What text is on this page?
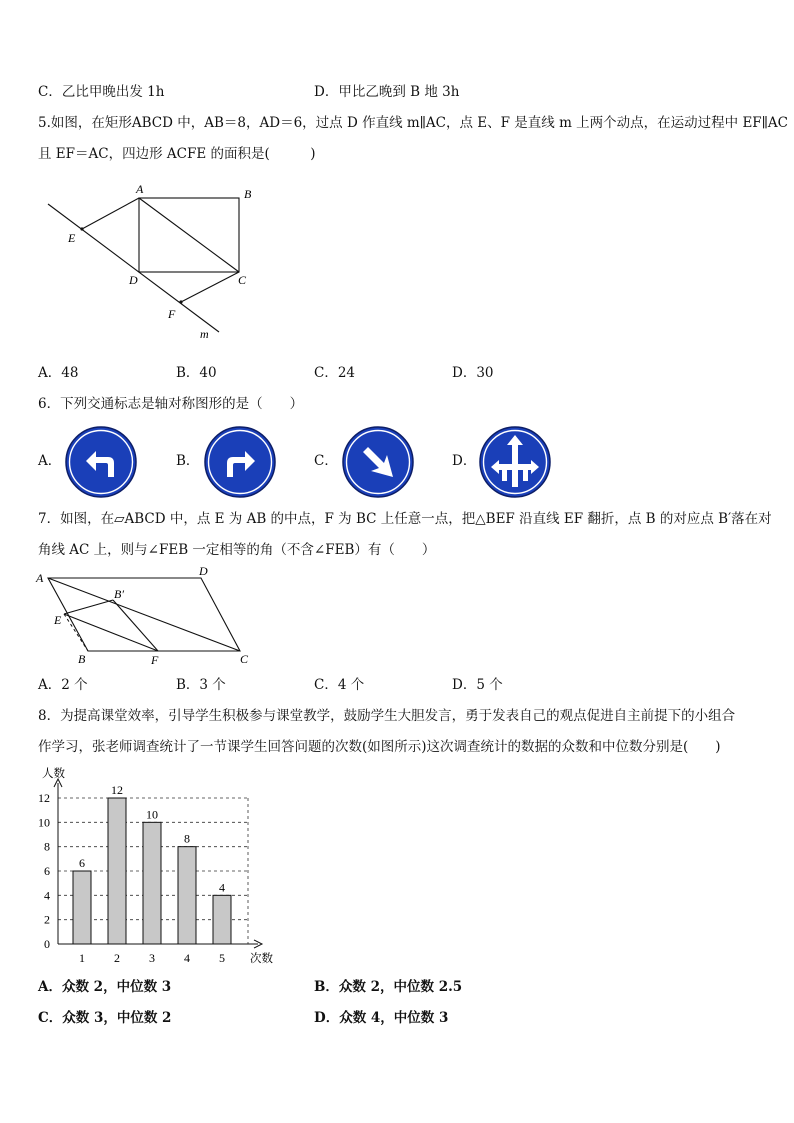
C．乙比甲晚出发 1h	D．甲比乙晚到 B 地 3h
5.如图，在矩形ABCD 中，AB＝8，AD＝6，过点 D 作直线 m∥AC，点 E、F 是直线 m 上两个动点，在运动过程中 EF∥AC
且 EF＝AC，四边形 ACFE 的面积是(　　　)
A	B
C
D
E
F
m
A．48	B．40	C．24	D．30
6．下列交通标志是轴对称图形的是（　　）
A．	B．	C．	D．
7．如图，在▱ABCD 中，点 E 为 AB 的中点，F 为 BC 上任意一点，把△BEF 沿直线 EF 翻折，点 B 的对应点 B′落在对
角线 AC 上，则与∠FEB 一定相等的角（不含∠FEB）有（　　）
A	D
B′
E
B	F	C
A．2 个	B．3 个	C．4 个	D．5 个
8．为提高课堂效率，引导学生积极参与课堂教学，鼓励学生大胆发言，勇于发表自己的观点促进自主前提下的小组合
作学习，张老师调查统计了一节课学生回答问题的次数(如图所示)这次调查统计的数据的众数和中位数分别是(　　)
6
12
10
8
4
0
2
4
6
8
10
12
1 2 3 4 5
人数
次数
A．众数 2，中位数 3	B．众数 2，中位数 2.5
C．众数 3，中位数 2	D．众数 4，中位数 3
